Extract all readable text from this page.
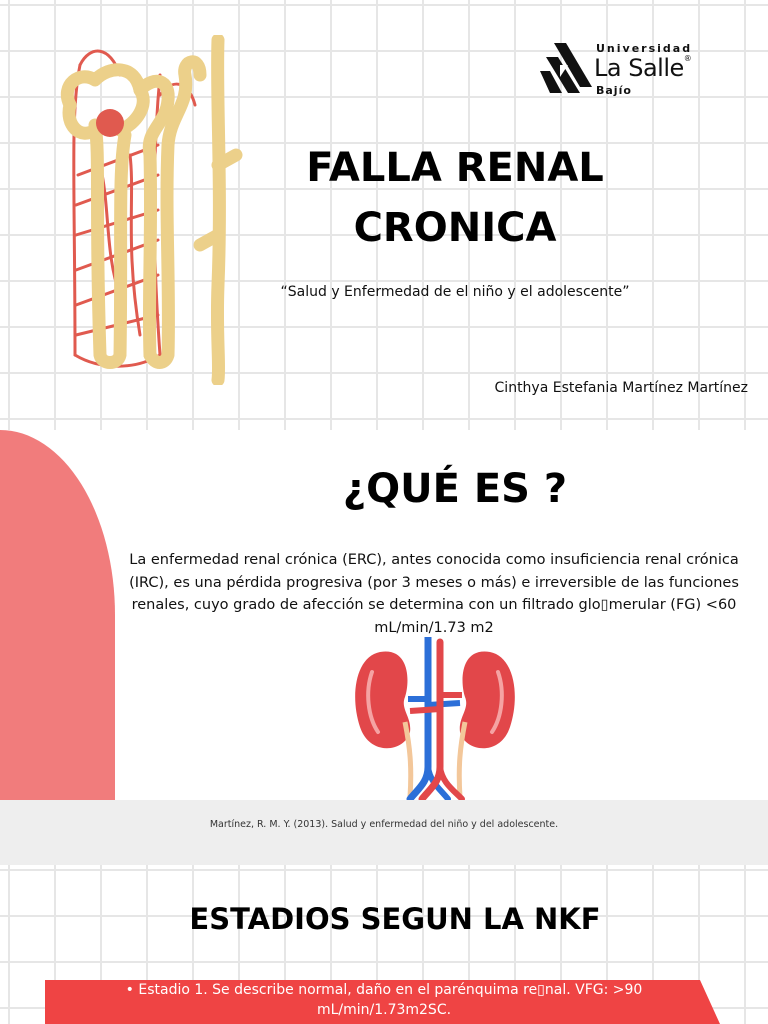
Universidad
La Salle®
Bajío
FALLA RENAL
CRONICA
“Salud y Enfermedad de el niño y el adolescente”
Cinthya Estefania Martínez Martínez
¿QUÉ ES ?
La enfermedad renal crónica (ERC), antes conocida como insuficiencia renal crónica (IRC), es una pérdida progresiva (por 3 meses o más) e irreversible de las funciones renales, cuyo grado de afección se determina con un filtrado glo▯merular (FG) <60 mL/min/1.73 m2
Martínez, R. M. Y. (2013). Salud y enfermedad del niño y del adolescente.
ESTADIOS SEGUN LA NKF
• Estadio 1. Se describe normal, daño en el parénquima re▯nal. VFG: >90 mL/min/1.73m2SC.
